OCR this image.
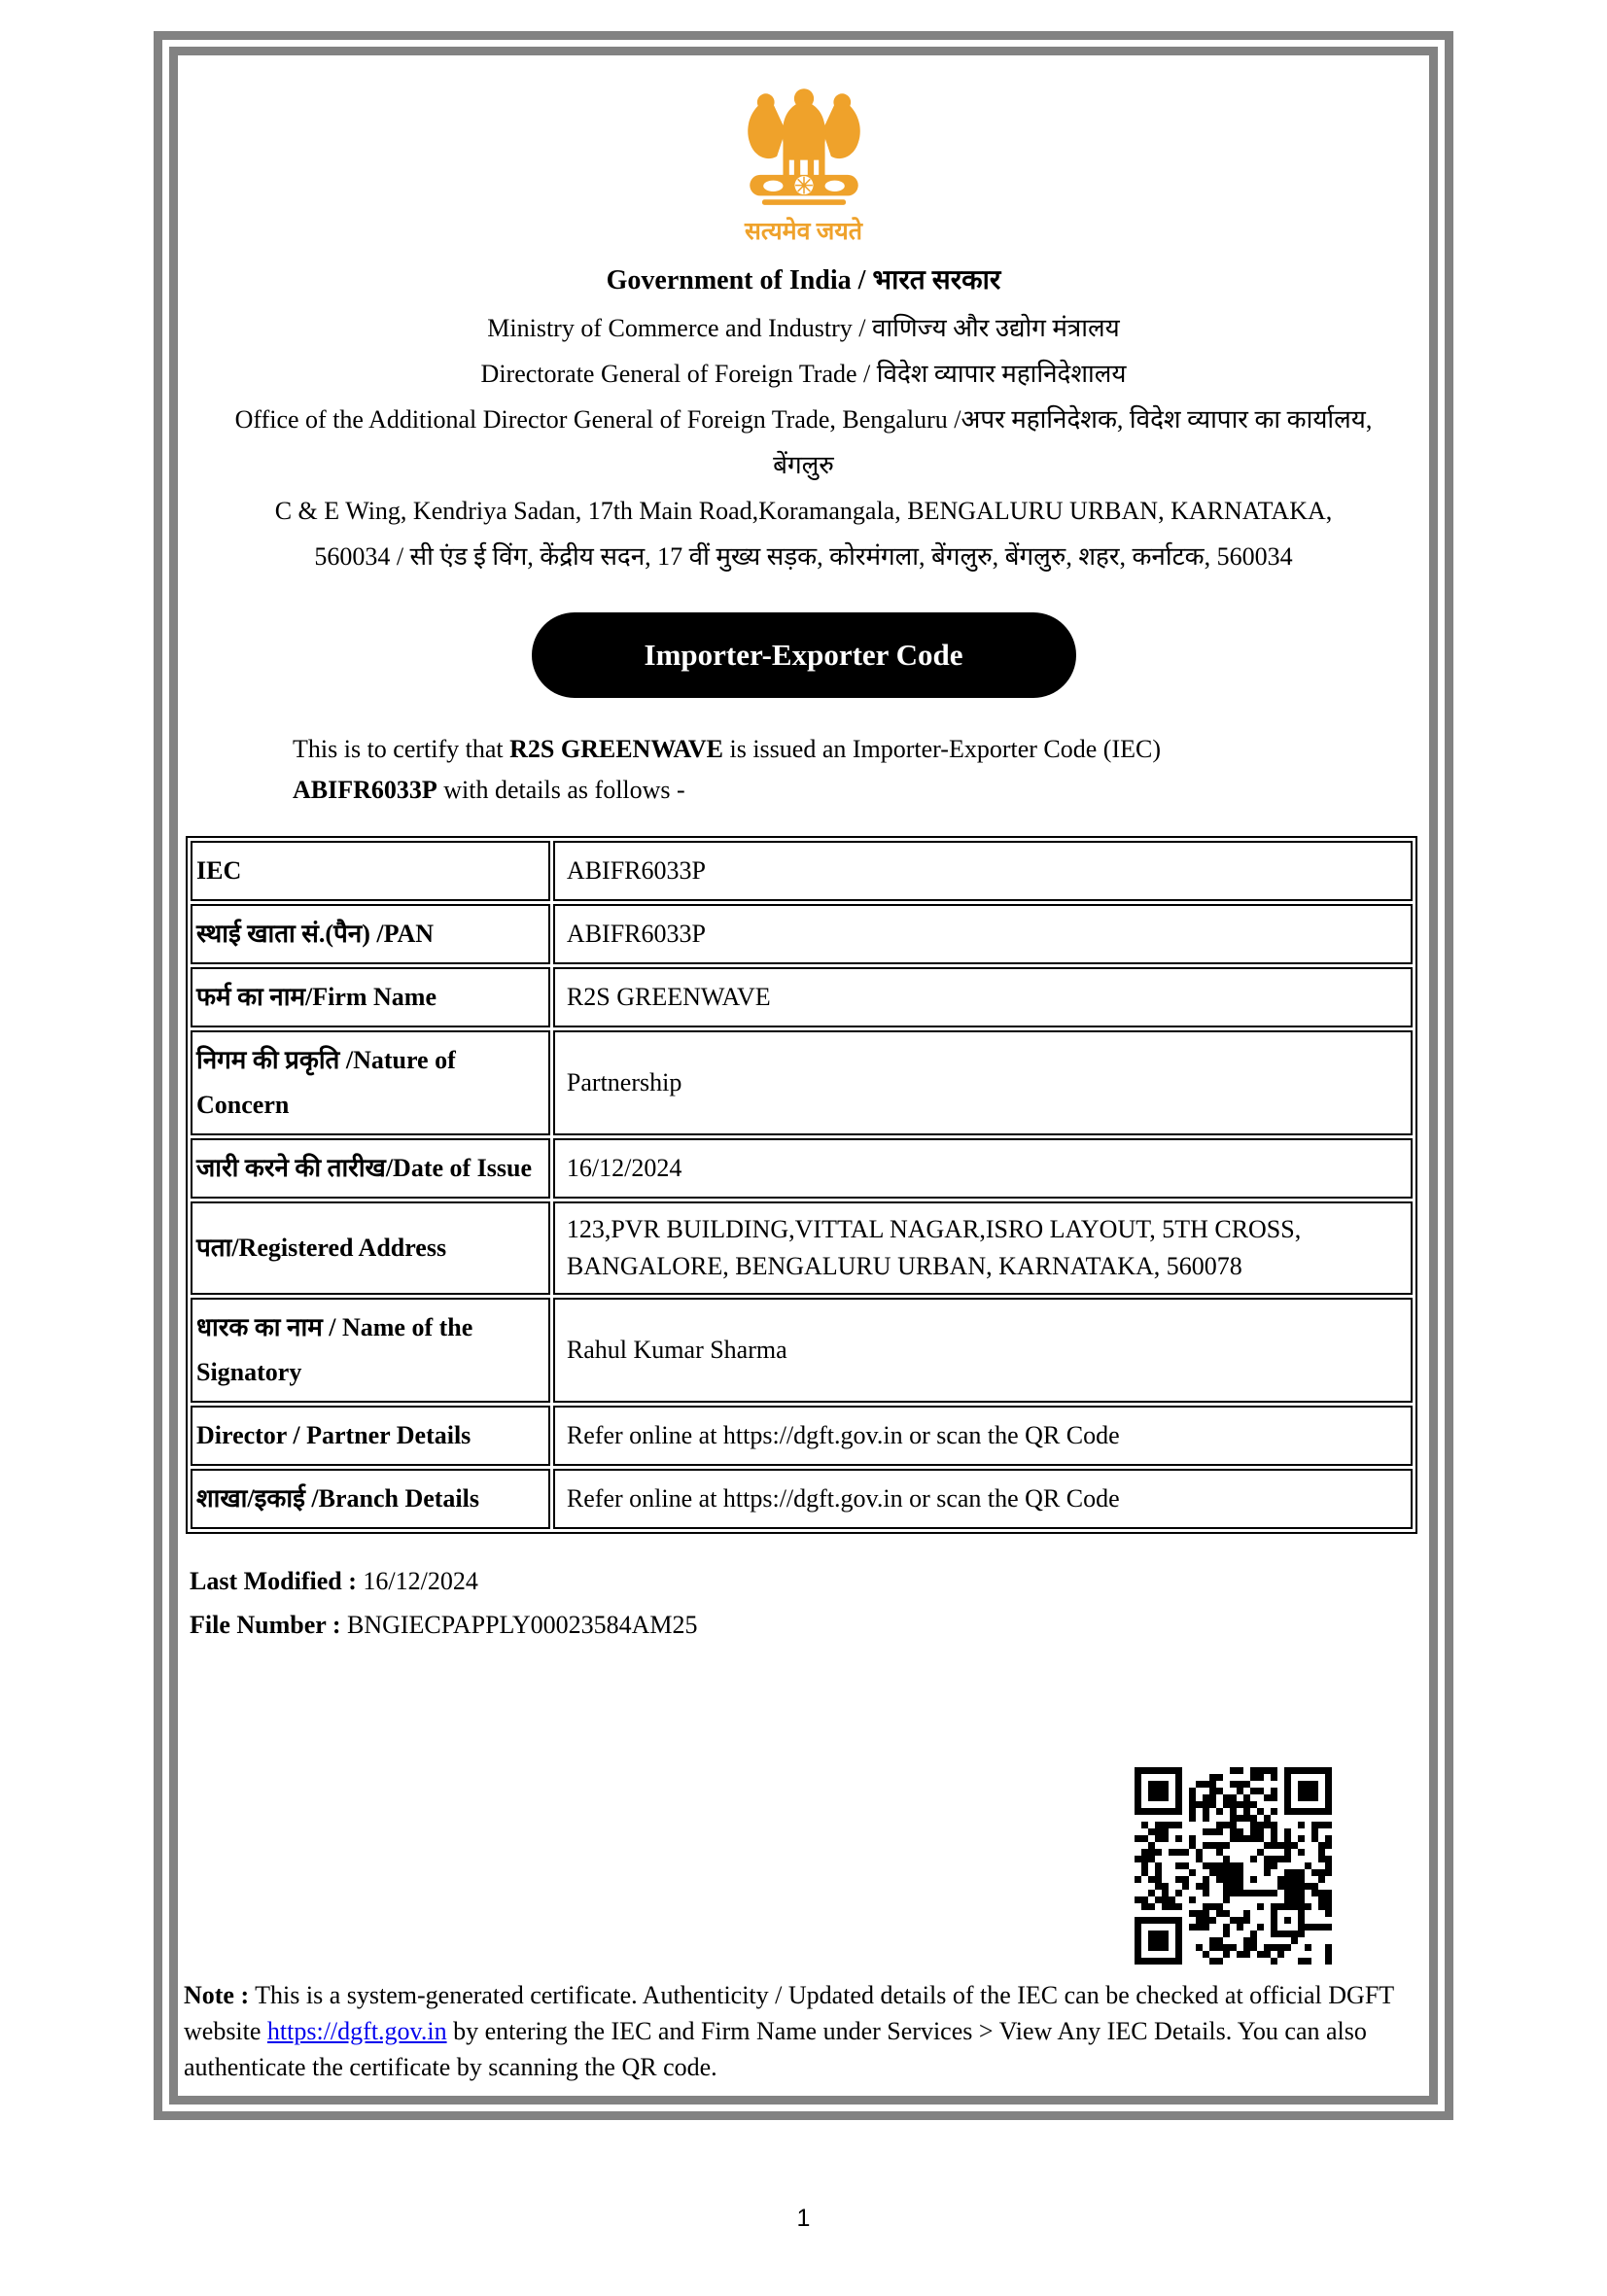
सत्यमेव जयते
Government of India / भारत सरकार
Ministry of Commerce and Industry / वाणिज्य और उद्योग मंत्रालय
Directorate General of Foreign Trade / विदेश व्यापार महानिदेशालय
Office of the Additional Director General of Foreign Trade, Bengaluru /अपर महानिदेशक, विदेश व्यापार का कार्यालय,
बेंगलुरु
C & E Wing, Kendriya Sadan, 17th Main Road,Koramangala, BENGALURU URBAN, KARNATAKA,
560034 / सी एंड ई विंग, केंद्रीय सदन, 17 वीं मुख्य सड़क, कोरमंगला, बेंगलुरु, बेंगलुरु, शहर, कर्नाटक, 560034
Importer-Exporter Code
This is to certify that R2S GREENWAVE is issued an Importer-Exporter Code (IEC) ABIFR6033P with details as follows -
IEC	ABIFR6033P
स्थाई खाता सं.(पैन) /PAN	ABIFR6033P
फर्म का नाम/Firm Name	R2S GREENWAVE
निगम की प्रकृति /Nature of Concern	Partnership
जारी करने की तारीख/Date of Issue	16/12/2024
पता/Registered Address	123,PVR BUILDING,VITTAL NAGAR,ISRO LAYOUT, 5TH CROSS, BANGALORE, BENGALURU URBAN, KARNATAKA, 560078
धारक का नाम / Name of the Signatory	Rahul Kumar Sharma
Director / Partner Details	Refer online at https://dgft.gov.in or scan the QR Code
शाखा/इकाई /Branch Details	Refer online at https://dgft.gov.in or scan the QR Code
Last Modified : 16/12/2024
File Number : BNGIECPAPPLY00023584AM25
Note : This is a system-generated certificate. Authenticity / Updated details of the IEC can be checked at official DGFT website https://dgft.gov.in by entering the IEC and Firm Name under Services > View Any IEC Details. You can also authenticate the certificate by scanning the QR code.
1
